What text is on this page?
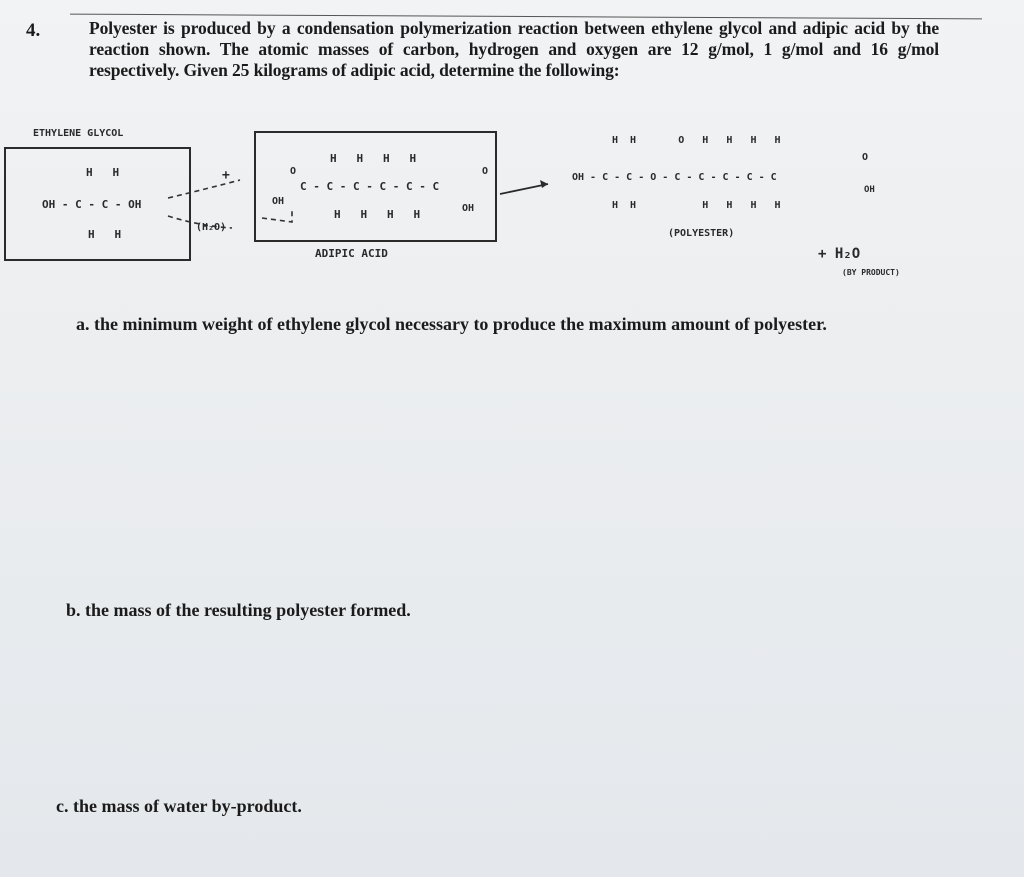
4.	Polyester is produced by a condensation polymerization reaction between ethylene glycol and adipic acid by the reaction shown. The atomic masses of carbon, hydrogen and oxygen are 12 g/mol, 1 g/mol and 16 g/mol respectively. Given 25 kilograms of adipic acid, determine the following:
ETHYLENE GLYCOL
H   H
OH - C - C - OH
H   H
+
(H₂O)
H   H   H   H
O
C - C - C - C - C - C
OH
O
OH
H   H   H   H
ADIPIC ACID
H  H       O   H   H   H   H
OH - C - C - O - C - C - C - C - C
H  H           H   H   H   H
O
OH
(POLYESTER)
+ H₂O
(BY PRODUCT)
a. the minimum weight of ethylene glycol necessary to produce the maximum amount of polyester.
b. the mass of the resulting polyester formed.
c. the mass of water by-product.
